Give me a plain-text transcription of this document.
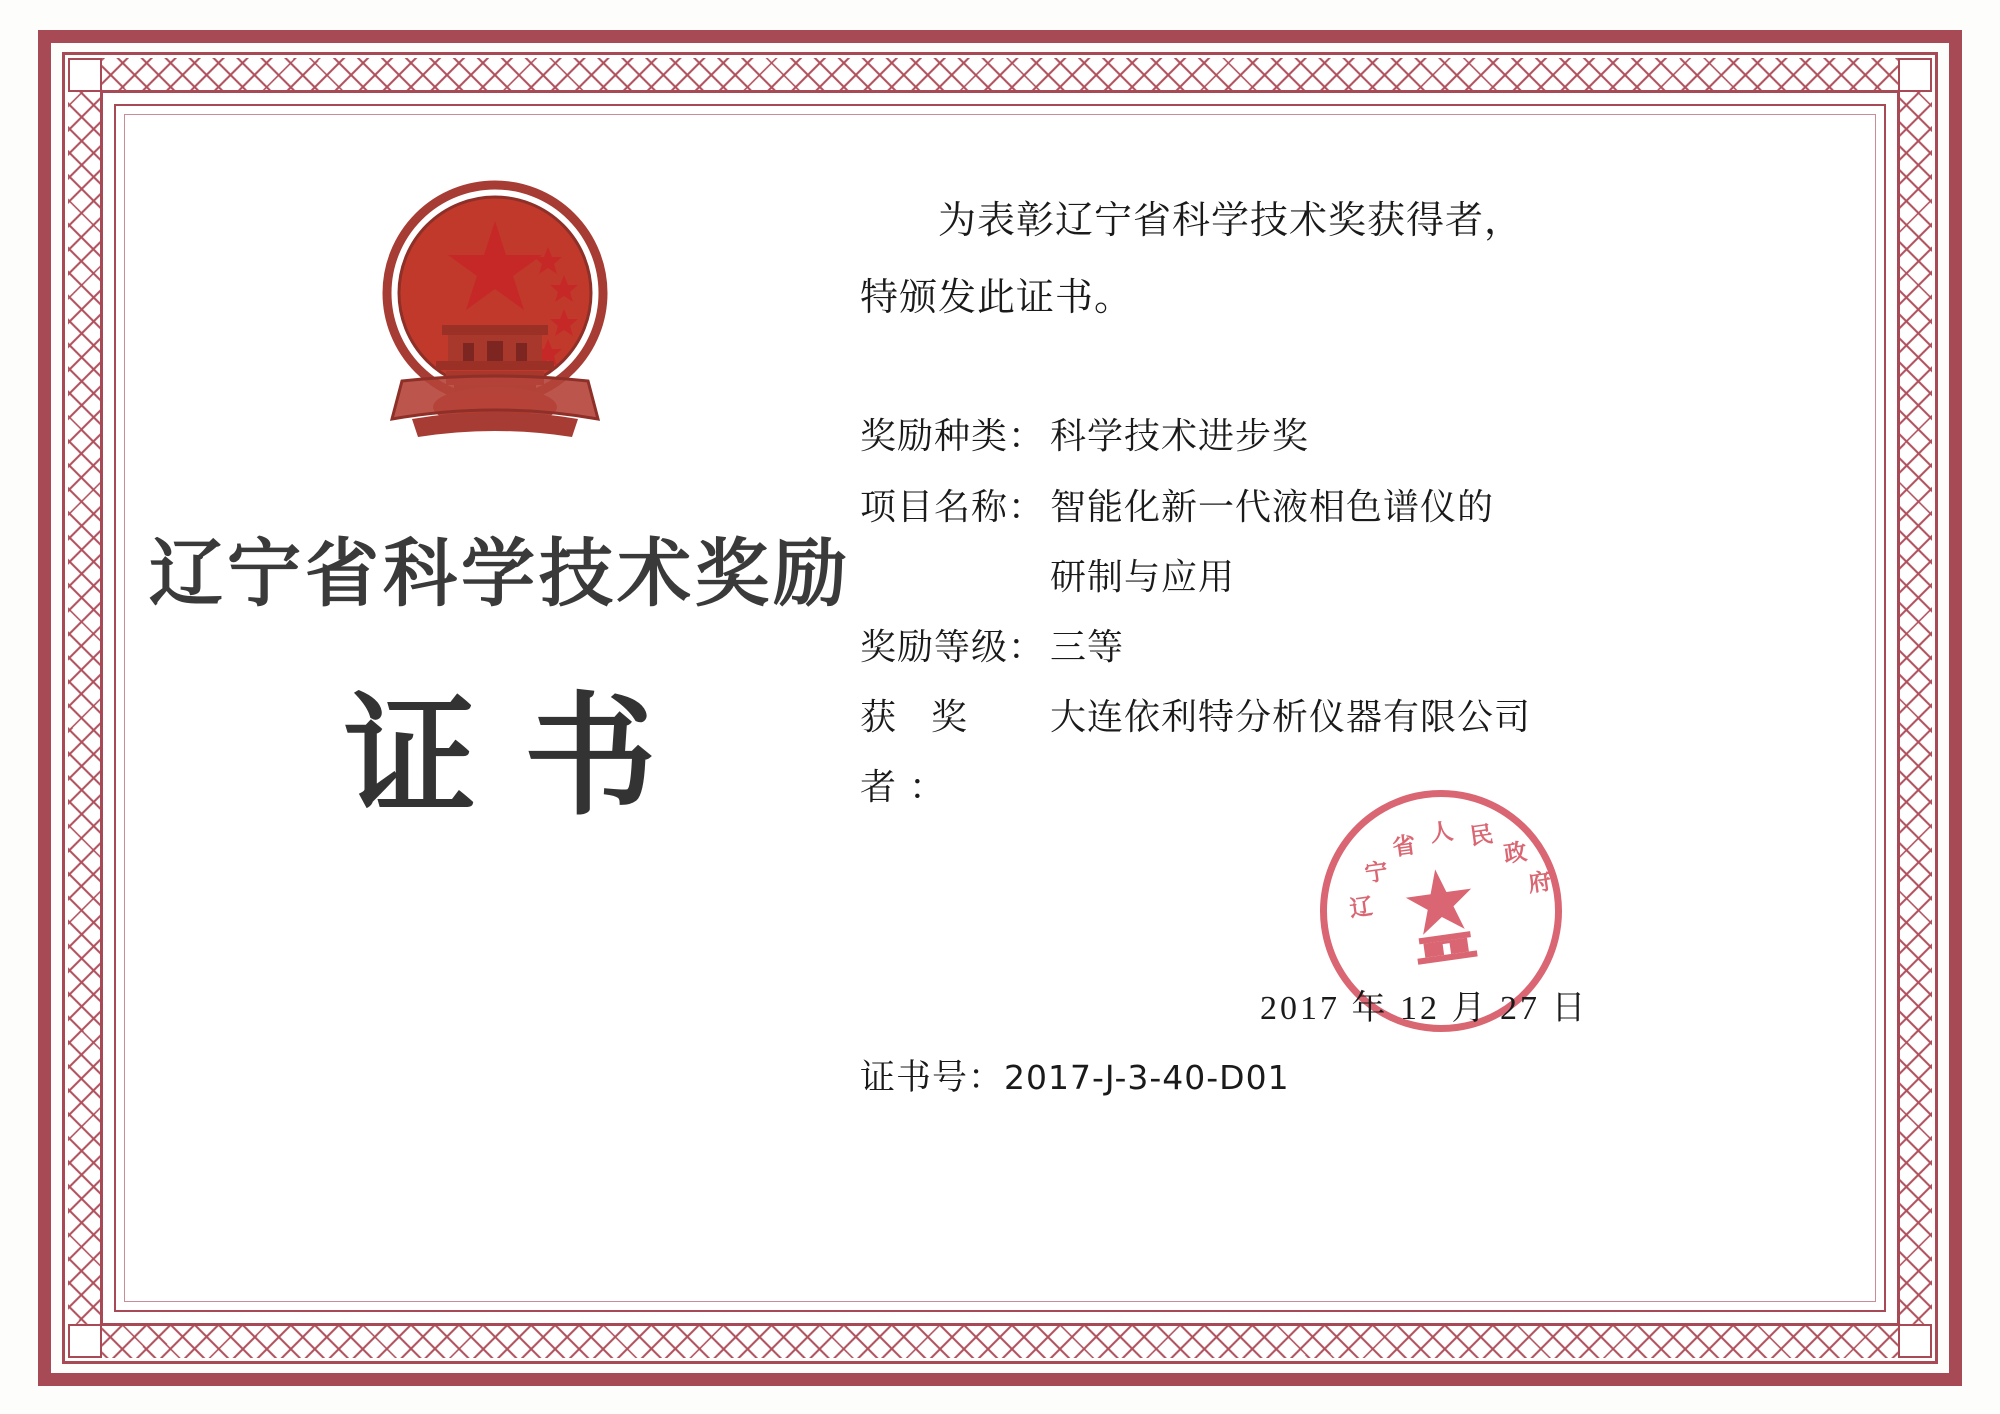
辽宁省科学技术奖励
证书
为表彰辽宁省科学技术奖获得者，
特颁发此证书。
奖励种类： 科学技术进步奖
项目名称： 智能化新一代液相色谱仪的
研制与应用
奖励等级： 三等
获 奖 者：
大连依利特分析仪器有限公司
辽
宁
省 人 民
政
府
2017 年 12 月 27 日
证书号：2017-J-3-40-D01
